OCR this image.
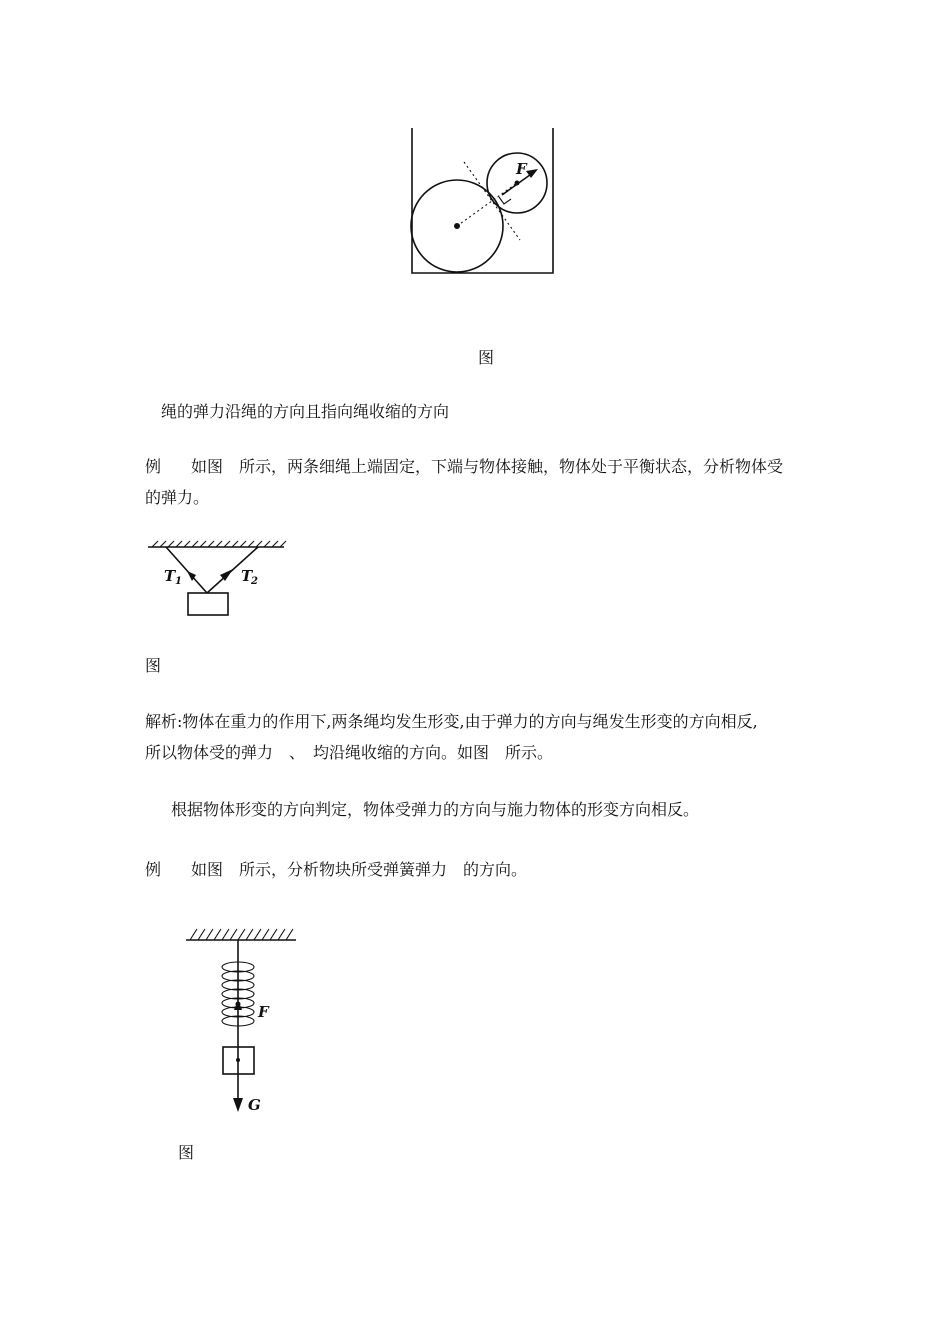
F
图
绳的弹力沿绳的方向且指向绳收缩的方向
例 如图　所示，两条细绳上端固定，下端与物体接触，物体处于平衡状态，分析物体受
的弹力。
T 1	T
2
图
解析:物体在重力的作用下,两条绳均发生形变,由于弹力的方向与绳发生形变的方向相反,
所以物体受的弹力　、　均沿绳收缩的方向。如图　所示。
根据物体形变的方向判定，物体受弹力的方向与施力物体的形变方向相反。
例 如图　所示，分析物块所受弹簧弹力　的方向。
F
G
图
